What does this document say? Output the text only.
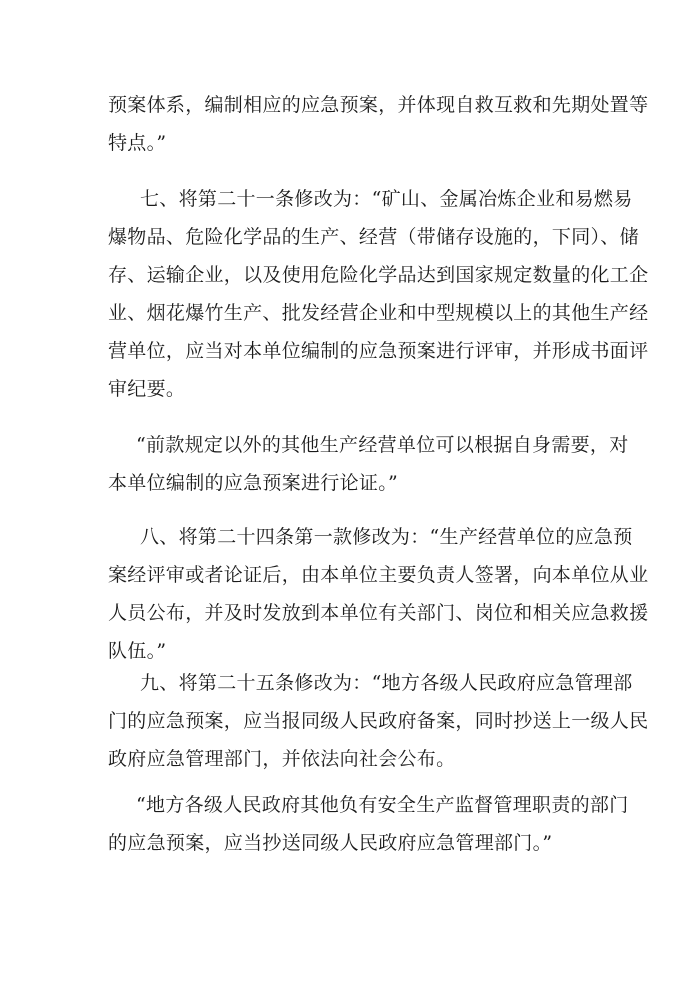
预案体系，编制相应的应急预案，并体现自救互救和先期处置等
特点。”

七、将第二十一条修改为：“矿山、金属冶炼企业和易燃易
爆物品、危险化学品的生产、经营（带储存设施的，下同）、储
存、运输企业，以及使用危险化学品达到国家规定数量的化工企
业、烟花爆竹生产、批发经营企业和中型规模以上的其他生产经
营单位，应当对本单位编制的应急预案进行评审，并形成书面评
审纪要。

“前款规定以外的其他生产经营单位可以根据自身需要，对
本单位编制的应急预案进行论证。”

八、将第二十四条第一款修改为：“生产经营单位的应急预
案经评审或者论证后，由本单位主要负责人签署，向本单位从业
人员公布，并及时发放到本单位有关部门、岗位和相关应急救援
队伍。”

九、将第二十五条修改为：“地方各级人民政府应急管理部
门的应急预案，应当报同级人民政府备案，同时抄送上一级人民
政府应急管理部门，并依法向社会公布。

“地方各级人民政府其他负有安全生产监督管理职责的部门
的应急预案，应当抄送同级人民政府应急管理部门。”
